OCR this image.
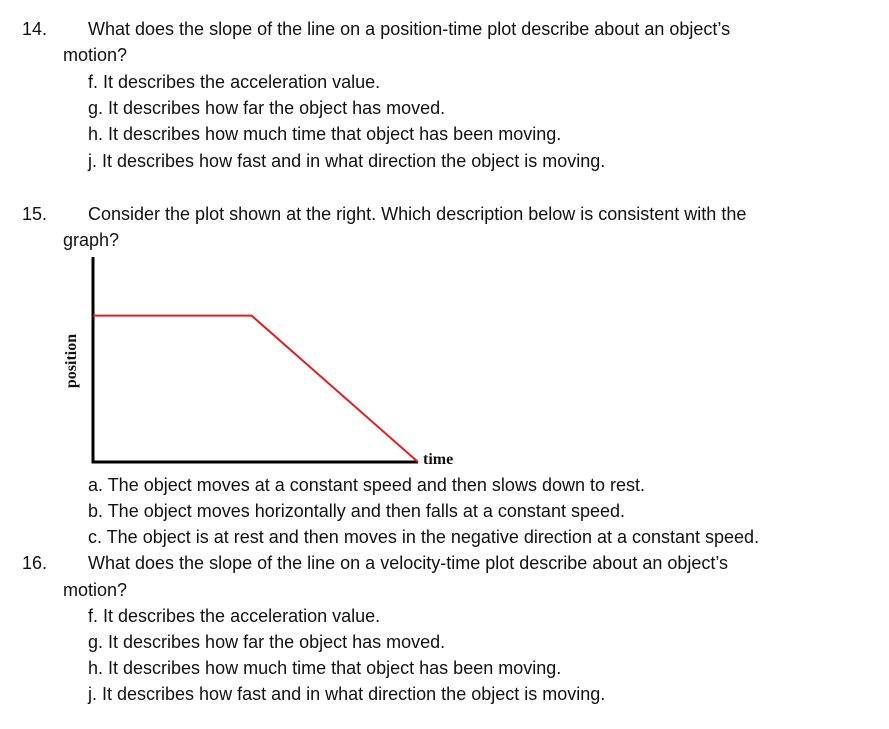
14. What does the slope of the line on a position-time plot describe about an object’s
motion?
f. It describes the acceleration value.
g. It describes how far the object has moved.
h. It describes how much time that object has been moving.
j. It describes how fast and in what direction the object is moving.
15. Consider the plot shown at the right. Which description below is consistent with the
graph?
position
time
a. The object moves at a constant speed and then slows down to rest.
b. The object moves horizontally and then falls at a constant speed.
c. The object is at rest and then moves in the negative direction at a constant speed.
16. What does the slope of the line on a velocity-time plot describe about an object’s
motion?
f. It describes the acceleration value.
g. It describes how far the object has moved.
h. It describes how much time that object has been moving.
j. It describes how fast and in what direction the object is moving.
